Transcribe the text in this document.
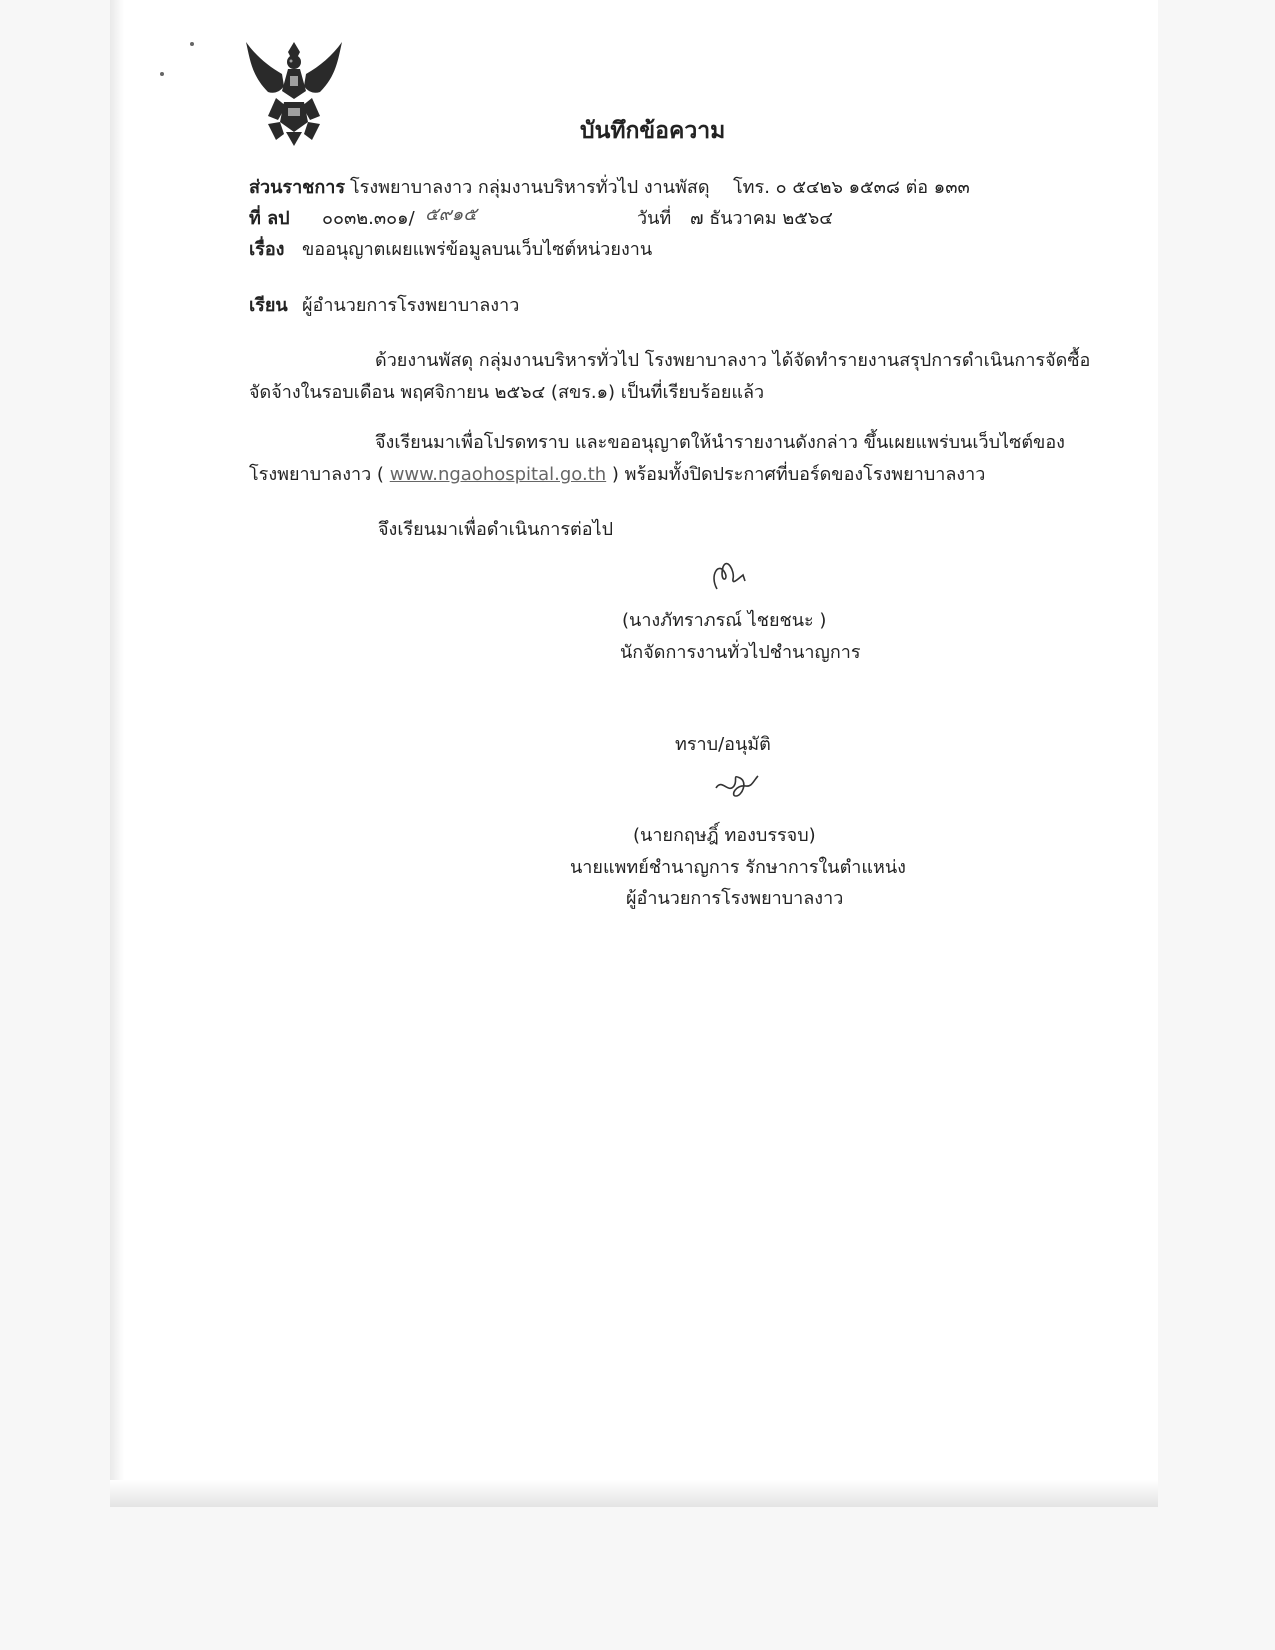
บันทึกข้อความ
ส่วนราชการ โรงพยาบาลงาว กลุ่มงานบริหารทั่วไป งานพัสดุ โทร. ๐ ๕๔๒๖ ๑๕๓๘ ต่อ ๑๓๓
ที่ ลป ๐๐๓๒.๓๐๑/ ๕๙๑๕	วันที่ ๗ ธันวาคม ๒๕๖๔
เรื่อง ขออนุญาตเผยแพร่ข้อมูลบนเว็บไซต์หน่วยงาน
เรียน ผู้อำนวยการโรงพยาบาลงาว
ด้วยงานพัสดุ กลุ่มงานบริหารทั่วไป โรงพยาบาลงาว ได้จัดทำรายงานสรุปการดำเนินการจัดซื้อ
จัดจ้างในรอบเดือน พฤศจิกายน ๒๕๖๔ (สขร.๑) เป็นที่เรียบร้อยแล้ว
จึงเรียนมาเพื่อโปรดทราบ และขออนุญาตให้นำรายงานดังกล่าว ขึ้นเผยแพร่บนเว็บไซต์ของ
โรงพยาบาลงาว ( www.ngaohospital.go.th ) พร้อมทั้งปิดประกาศที่บอร์ดของโรงพยาบาลงาว
จึงเรียนมาเพื่อดำเนินการต่อไป
(นางภัทราภรณ์ ไชยชนะ )
นักจัดการงานทั่วไปชำนาญการ
ทราบ/อนุมัติ
(นายกฤษฎิ์ ทองบรรจบ)
นายแพทย์ชำนาญการ รักษาการในตำแหน่ง
ผู้อำนวยการโรงพยาบาลงาว
